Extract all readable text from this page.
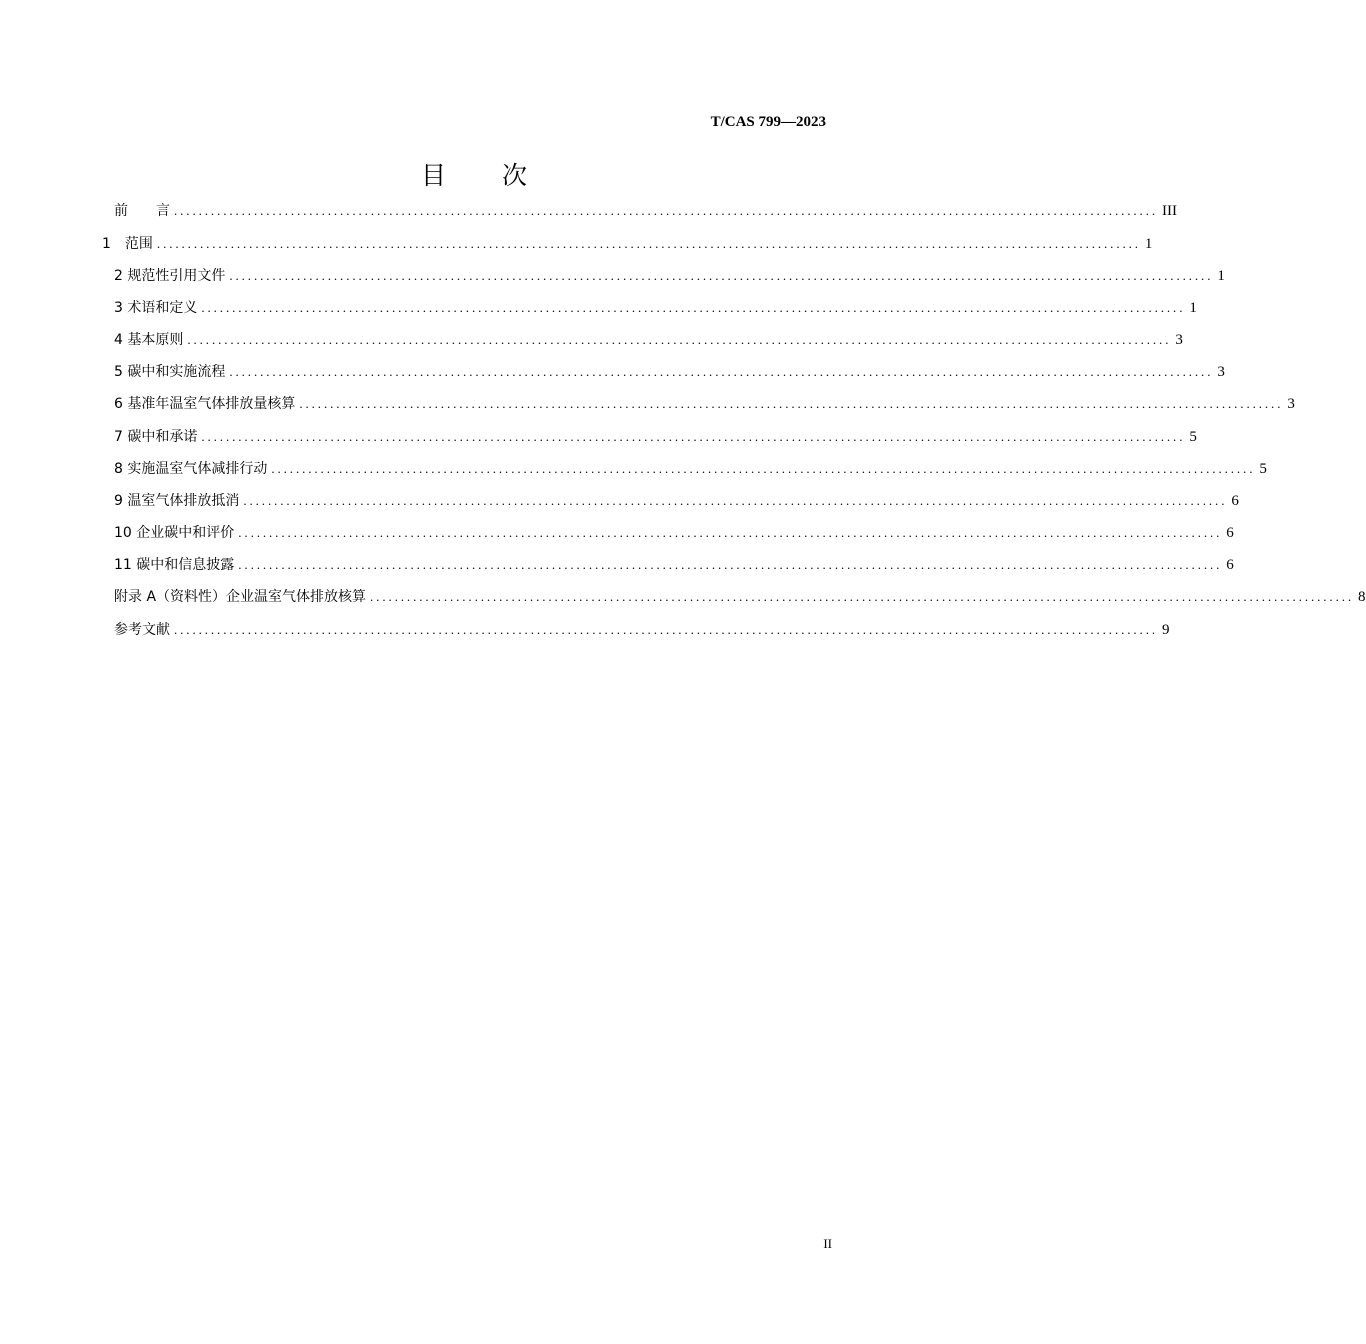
T/CAS 799—2023
目　　次
前　　言 ................................................................................................................................................................ III
1　范围 ................................................................................................................................................................ 1
2 规范性引用文件 ................................................................................................................................................................ 1
3 术语和定义 ................................................................................................................................................................ 1
4 基本原则 ................................................................................................................................................................ 3
5 碳中和实施流程 ................................................................................................................................................................ 3
6 基准年温室气体排放量核算 ................................................................................................................................................................ 3
7 碳中和承诺 ................................................................................................................................................................ 5
8 实施温室气体减排行动 ................................................................................................................................................................ 5
9 温室气体排放抵消 ................................................................................................................................................................ 6
10 企业碳中和评价 ................................................................................................................................................................ 6
11 碳中和信息披露 ................................................................................................................................................................ 6
附录 A（资料性）企业温室气体排放核算 ................................................................................................................................................................ 8
参考文献 ................................................................................................................................................................ 9
II
